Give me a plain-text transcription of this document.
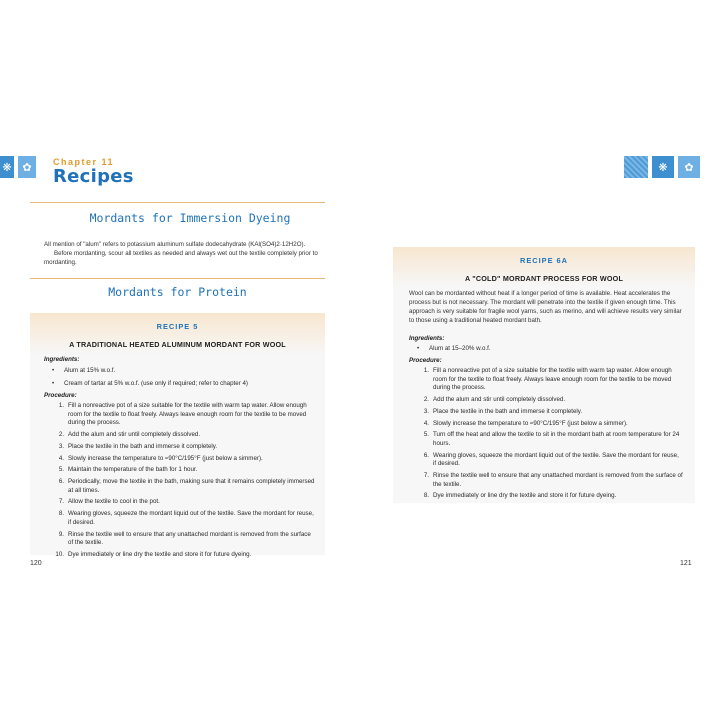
❋ ✿	Chapter 11
Recipes
Mordants for Immersion Dyeing
All mention of "alum" refers to potassium aluminum sulfate dodecahydrate (KAl(SO4)2·12H2O).
Before mordanting, scour all textiles as needed and always wet out the textile completely prior to mordanting.
Mordants for Protein
RECIPE 5
A TRADITIONAL HEATED ALUMINUM MORDANT FOR WOOL
Ingredients:
• Alum at 15% w.o.f.
• Cream of tartar at 5% w.o.f. (use only if required; refer to chapter 4)
Procedure:
1. Fill a nonreactive pot of a size suitable for the textile with warm tap water. Allow enough room for the textile to float freely. Always leave enough room for the textile to be moved during the process.
2. Add the alum and stir until completely dissolved.
3. Place the textile in the bath and immerse it completely.
4. Slowly increase the temperature to ≈90°C/195°F (just below a simmer).
5. Maintain the temperature of the bath for 1 hour.
6. Periodically, move the textile in the bath, making sure that it remains completely immersed at all times.
7. Allow the textile to cool in the pot.
8. Wearing gloves, squeeze the mordant liquid out of the textile. Save the mordant for reuse, if desired.
9. Rinse the textile well to ensure that any unattached mordant is removed from the surface of the textile.
10. Dye immediately or line dry the textile and store it for future dyeing.
120
❋	✿
RECIPE 6A
A "COLD" MORDANT PROCESS FOR WOOL
Wool can be mordanted without heat if a longer period of time is available. Heat accelerates the process but is not necessary. The mordant will penetrate into the textile if given enough time. This approach is very suitable for fragile wool yarns, such as merino, and will achieve results very similar to those using a traditional heated mordant bath.
Ingredients:
• Alum at 15–20% w.o.f.
Procedure:
1. Fill a nonreactive pot of a size suitable for the textile with warm tap water. Allow enough room for the textile to float freely. Always leave enough room for the textile to be moved during the process.
2. Add the alum and stir until completely dissolved.
3. Place the textile in the bath and immerse it completely.
4. Slowly increase the temperature to ≈90°C/195°F (just below a simmer).
5. Turn off the heat and allow the textile to sit in the mordant bath at room temperature for 24 hours.
6. Wearing gloves, squeeze the mordant liquid out of the textile. Save the mordant for reuse, if desired.
7. Rinse the textile well to ensure that any unattached mordant is removed from the surface of the textile.
8. Dye immediately or line dry the textile and store it for future dyeing.
121
